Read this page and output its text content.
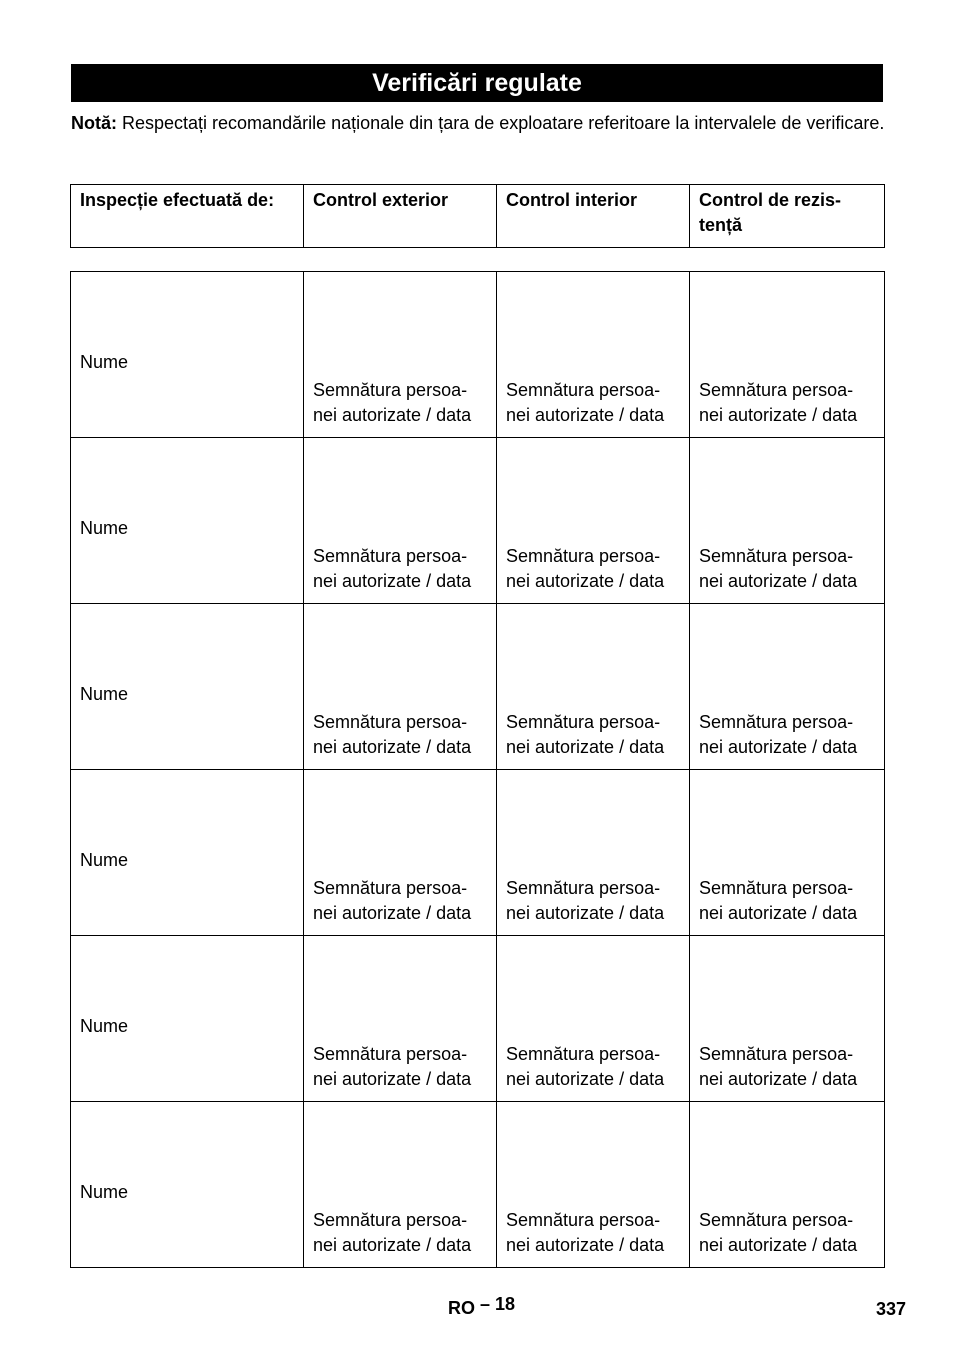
Verificări regulate
Notă: Respectați recomandările naționale din țara de exploatare referitoare la intervalele de verificare.
Inspecție efectuată de:	Control exterior	Control interior	Control de rezis-tență
Nume	Semnătura persoa-nei autorizate / data	Semnătura persoa-nei autorizate / data	Semnătura persoa-nei autorizate / data
Nume	Semnătura persoa-nei autorizate / data	Semnătura persoa-nei autorizate / data	Semnătura persoa-nei autorizate / data
Nume	Semnătura persoa-nei autorizate / data	Semnătura persoa-nei autorizate / data	Semnătura persoa-nei autorizate / data
Nume	Semnătura persoa-nei autorizate / data	Semnătura persoa-nei autorizate / data	Semnătura persoa-nei autorizate / data
Nume	Semnătura persoa-nei autorizate / data	Semnătura persoa-nei autorizate / data	Semnătura persoa-nei autorizate / data
Nume	Semnătura persoa-nei autorizate / data	Semnătura persoa-nei autorizate / data	Semnătura persoa-nei autorizate / data
RO – 18	337
